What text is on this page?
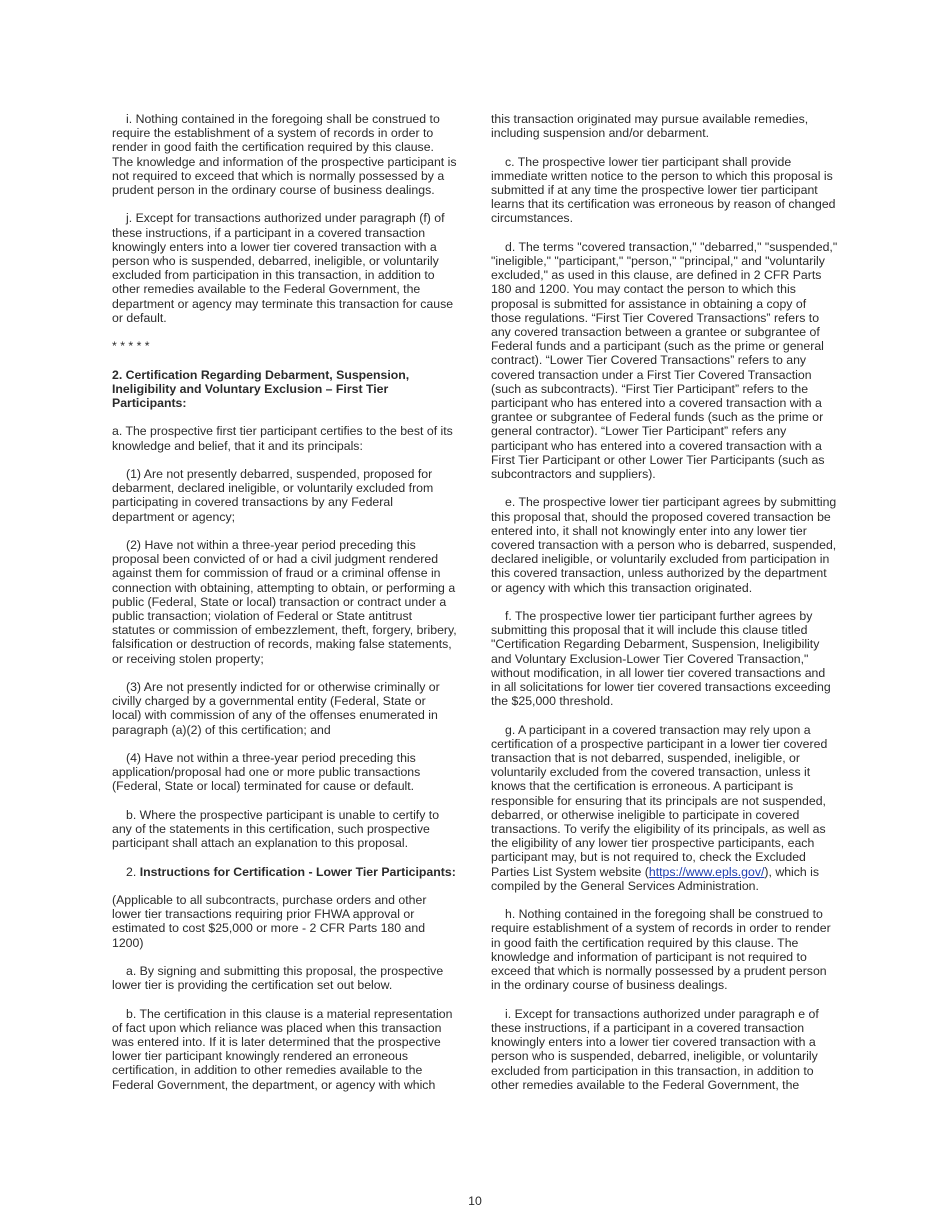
i. Nothing contained in the foregoing shall be construed to require the establishment of a system of records in order to render in good faith the certification required by this clause. The knowledge and information of the prospective participant is not required to exceed that which is normally possessed by a prudent person in the ordinary course of business dealings.

j. Except for transactions authorized under paragraph (f) of these instructions, if a participant in a covered transaction knowingly enters into a lower tier covered transaction with a person who is suspended, debarred, ineligible, or voluntarily excluded from participation in this transaction, in addition to other remedies available to the Federal Government, the department or agency may terminate this transaction for cause or default.

* * * * *

2. Certification Regarding Debarment, Suspension, Ineligibility and Voluntary Exclusion – First Tier Participants:

a. The prospective first tier participant certifies to the best of its knowledge and belief, that it and its principals:

(1) Are not presently debarred, suspended, proposed for debarment, declared ineligible, or voluntarily excluded from participating in covered transactions by any Federal department or agency;

(2) Have not within a three-year period preceding this proposal been convicted of or had a civil judgment rendered against them for commission of fraud or a criminal offense in connection with obtaining, attempting to obtain, or performing a public (Federal, State or local) transaction or contract under a public transaction; violation of Federal or State antitrust statutes or commission of embezzlement, theft, forgery, bribery, falsification or destruction of records, making false statements, or receiving stolen property;

(3) Are not presently indicted for or otherwise criminally or civilly charged by a governmental entity (Federal, State or local) with commission of any of the offenses enumerated in paragraph (a)(2) of this certification; and

(4) Have not within a three-year period preceding this application/proposal had one or more public transactions (Federal, State or local) terminated for cause or default.

b. Where the prospective participant is unable to certify to any of the statements in this certification, such prospective participant shall attach an explanation to this proposal.

2. Instructions for Certification - Lower Tier Participants:

(Applicable to all subcontracts, purchase orders and other lower tier transactions requiring prior FHWA approval or estimated to cost $25,000 or more - 2 CFR Parts 180 and 1200)

a. By signing and submitting this proposal, the prospective lower tier is providing the certification set out below.

b. The certification in this clause is a material representation of fact upon which reliance was placed when this transaction was entered into. If it is later determined that the prospective lower tier participant knowingly rendered an erroneous certification, in addition to other remedies available to the Federal Government, the department, or agency with which

this transaction originated may pursue available remedies, including suspension and/or debarment.

c. The prospective lower tier participant shall provide immediate written notice to the person to which this proposal is submitted if at any time the prospective lower tier participant learns that its certification was erroneous by reason of changed circumstances.

d. The terms "covered transaction," "debarred," "suspended," "ineligible," "participant," "person," "principal," and "voluntarily excluded," as used in this clause, are defined in 2 CFR Parts 180 and 1200. You may contact the person to which this proposal is submitted for assistance in obtaining a copy of those regulations. “First Tier Covered Transactions” refers to any covered transaction between a grantee or subgrantee of Federal funds and a participant (such as the prime or general contract). “Lower Tier Covered Transactions” refers to any covered transaction under a First Tier Covered Transaction (such as subcontracts). “First Tier Participant” refers to the participant who has entered into a covered transaction with a grantee or subgrantee of Federal funds (such as the prime or general contractor). “Lower Tier Participant” refers any participant who has entered into a covered transaction with a First Tier Participant or other Lower Tier Participants (such as subcontractors and suppliers).

e. The prospective lower tier participant agrees by submitting this proposal that, should the proposed covered transaction be entered into, it shall not knowingly enter into any lower tier covered transaction with a person who is debarred, suspended, declared ineligible, or voluntarily excluded from participation in this covered transaction, unless authorized by the department or agency with which this transaction originated.

f. The prospective lower tier participant further agrees by submitting this proposal that it will include this clause titled "Certification Regarding Debarment, Suspension, Ineligibility and Voluntary Exclusion-Lower Tier Covered Transaction," without modification, in all lower tier covered transactions and in all solicitations for lower tier covered transactions exceeding the $25,000 threshold.

g. A participant in a covered transaction may rely upon a certification of a prospective participant in a lower tier covered transaction that is not debarred, suspended, ineligible, or voluntarily excluded from the covered transaction, unless it knows that the certification is erroneous. A participant is responsible for ensuring that its principals are not suspended, debarred, or otherwise ineligible to participate in covered transactions. To verify the eligibility of its principals, as well as the eligibility of any lower tier prospective participants, each participant may, but is not required to, check the Excluded Parties List System website (https://www.epls.gov/), which is compiled by the General Services Administration.

h. Nothing contained in the foregoing shall be construed to require establishment of a system of records in order to render in good faith the certification required by this clause. The knowledge and information of participant is not required to exceed that which is normally possessed by a prudent person in the ordinary course of business dealings.

i. Except for transactions authorized under paragraph e of these instructions, if a participant in a covered transaction knowingly enters into a lower tier covered transaction with a person who is suspended, debarred, ineligible, or voluntarily excluded from participation in this transaction, in addition to other remedies available to the Federal Government, the

10
